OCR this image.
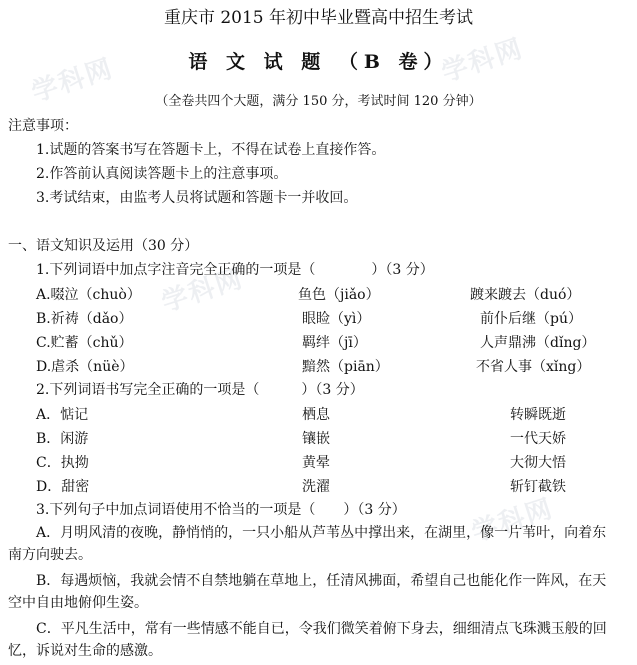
学科网	学科网
学科网
学科网
重庆市 2015 年初中毕业暨高中招生考试
语 文 试 题 （B 卷）
（全卷共四个大题，满分 150 分，考试时间 120 分钟）
注意事项：
1.试题的答案书写在答题卡上，不得在试卷上直接作答。
2.作答前认真阅读答题卡上的注意事项。
3.考试结束，由监考人员将试题和答题卡一并收回。
一、语文知识及运用（30 分）
1.下列词语中加点字注音完全正确的一项是（　　　　）（3 分）
A.啜泣（chuò）	鱼色（jiǎo）	踱来踱去（duó）
B.祈祷（dǎo）	眼睑（yì）	前仆后继（pú）
C.贮蓄（chǔ）	羁绊（jī）	人声鼎沸（dǐng）
D.虐杀（nüè）	黯然（piān）	不省人事（xǐng）
2.下列词语书写完全正确的一项是（　　　）（3 分）
A．惦记	栖息	转瞬既逝
B．闲游	镶嵌	一代天娇
C．执拗	黄晕	大彻大悟
D．甜密	洗濯	斩钉截铁
3.下列句子中加点词语使用不恰当的一项是（　　）（3 分）
A．月明风清的夜晚，静悄悄的，一只小船从芦苇丛中撑出来，在湖里，像一片苇叶，向着东南方向驶去。
B．每遇烦恼，我就会情不自禁地躺在草地上，任清风拂面，希望自己也能化作一阵风，在天空中自由地俯仰生姿。
C．平凡生活中，常有一些情感不能自已，令我们微笑着俯下身去，细细清点飞珠溅玉般的回忆，诉说对生命的感激。
